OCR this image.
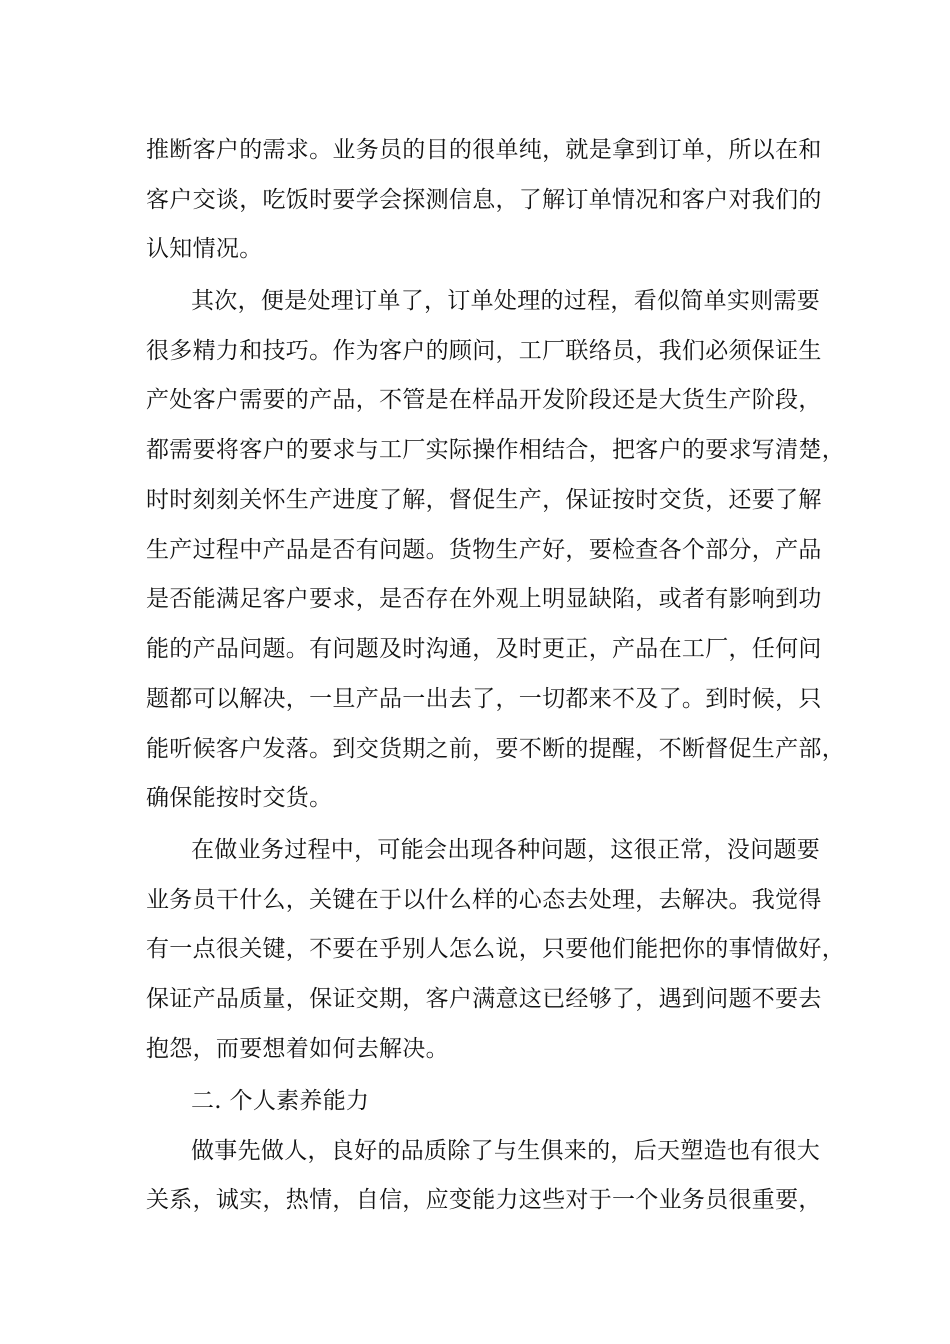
推断客户的需求。业务员的目的很单纯，就是拿到订单，所以在和
客户交谈，吃饭时要学会探测信息，了解订单情况和客户对我们的
认知情况。
其次，便是处理订单了，订单处理的过程，看似简单实则需要
很多精力和技巧。作为客户的顾问，工厂联络员，我们必须保证生
产处客户需要的产品，不管是在样品开发阶段还是大货生产阶段，
都需要将客户的要求与工厂实际操作相结合，把客户的要求写清楚，
时时刻刻关怀生产进度了解，督促生产，保证按时交货，还要了解
生产过程中产品是否有问题。货物生产好，要检查各个部分，产品
是否能满足客户要求，是否存在外观上明显缺陷，或者有影响到功
能的产品问题。有问题及时沟通，及时更正，产品在工厂，任何问
题都可以解决，一旦产品一出去了，一切都来不及了。到时候，只
能听候客户发落。到交货期之前，要不断的提醒，不断督促生产部，
确保能按时交货。
在做业务过程中，可能会出现各种问题，这很正常，没问题要
业务员干什么，关键在于以什么样的心态去处理，去解决。我觉得
有一点很关键，不要在乎别人怎么说，只要他们能把你的事情做好，
保证产品质量，保证交期，客户满意这已经够了，遇到问题不要去
抱怨，而要想着如何去解决。
二. 个人素养能力
做事先做人，良好的品质除了与生俱来的，后天塑造也有很大
关系，诚实，热情，自信，应变能力这些对于一个业务员很重要，
